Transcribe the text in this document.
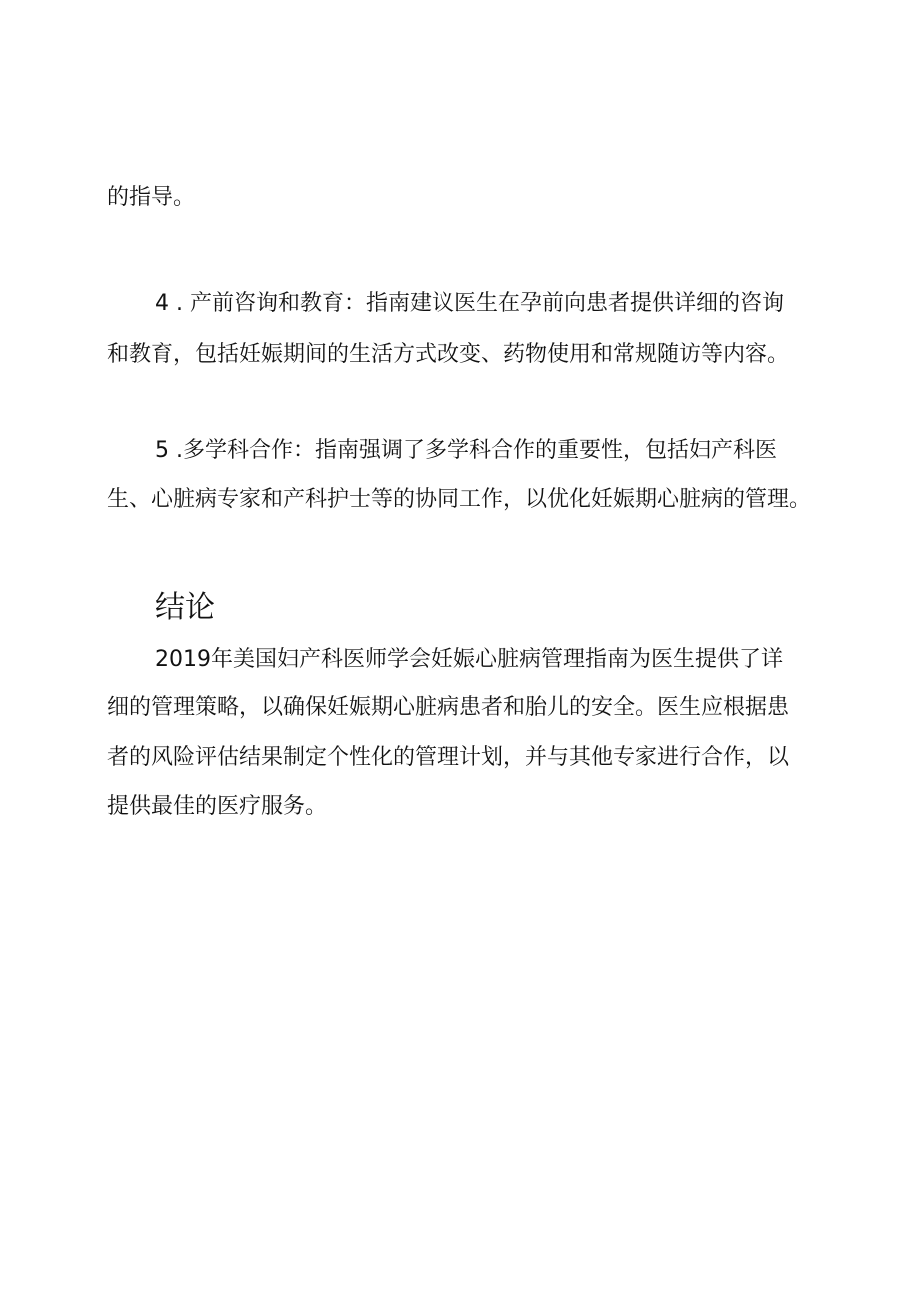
的指导。
4 . 产前咨询和教育：指南建议医生在孕前向患者提供详细的咨询
和教育，包括妊娠期间的生活方式改变、药物使用和常规随访等内容。
5 .多学科合作：指南强调了多学科合作的重要性，包括妇产科医
生、心脏病专家和产科护士等的协同工作，以优化妊娠期心脏病的管理。
结论
2019年美国妇产科医师学会妊娠心脏病管理指南为医生提供了详
细的管理策略，以确保妊娠期心脏病患者和胎儿的安全。医生应根据患
者的风险评估结果制定个性化的管理计划，并与其他专家进行合作，以
提供最佳的医疗服务。
